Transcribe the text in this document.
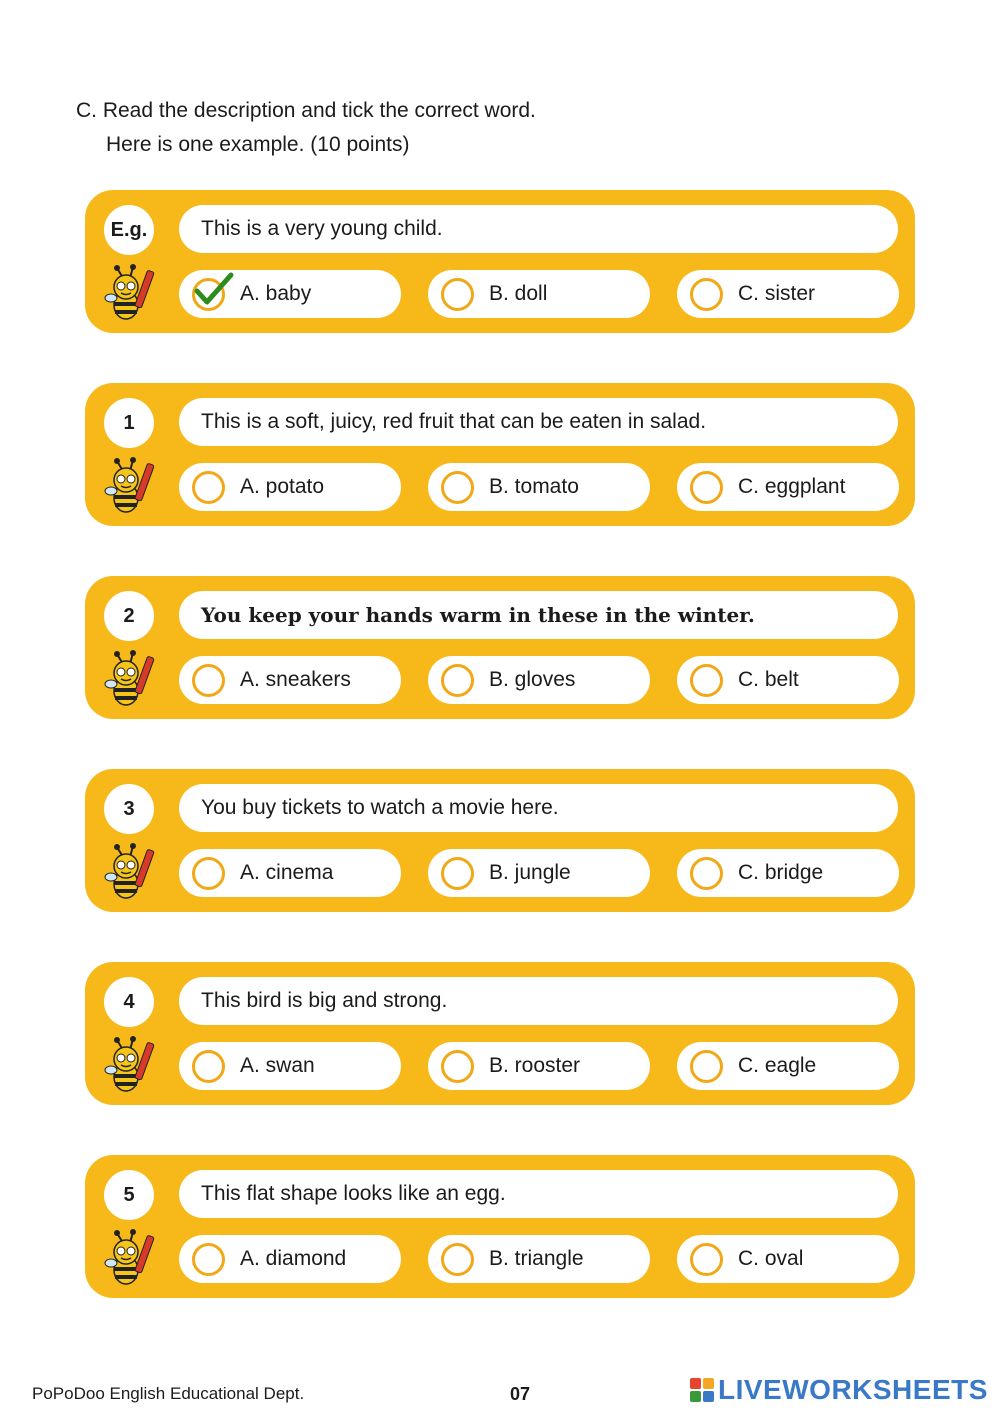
C. Read the description and tick the correct word.
Here is one example. (10 points)
E.g.	This is a very young child.
A. baby	B. doll	C. sister
1	This is a soft, juicy, red fruit that can be eaten in salad.
A. potato	B. tomato	C. eggplant
2	You keep your hands warm in these in the winter.
A. sneakers	B. gloves	C. belt
3	You buy tickets to watch a movie here.
A. cinema	B. jungle	C. bridge
4	This bird is big and strong.
A. swan	B. rooster	C. eagle
5	This flat shape looks like an egg.
A. diamond	B. triangle	C. oval
PoPoDoo English Educational Dept.	07	LIVEWORKSHEETS
